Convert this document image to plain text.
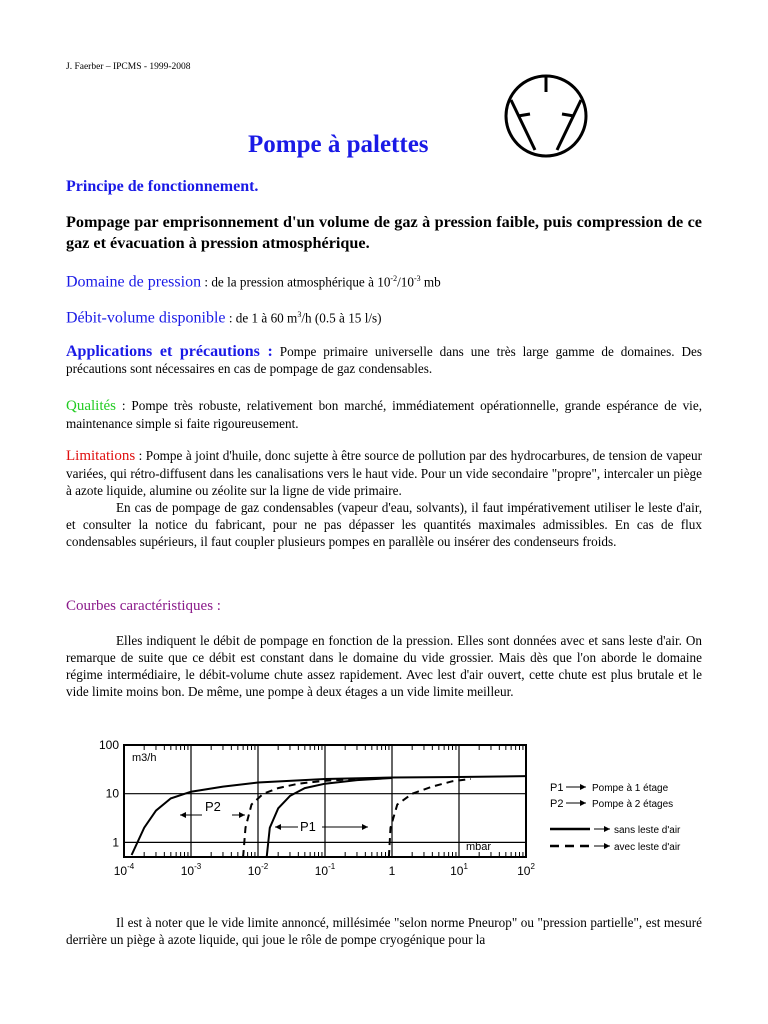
J. Faerber – IPCMS - 1999-2008
Pompe à palettes
Principe de fonctionnement.
Pompage par emprisonnement d'un volume de gaz à pression faible, puis compression de ce gaz et évacuation à pression atmosphérique.
Domaine de pression : de la pression atmosphérique à $10^{-2}/10^{-3}$ mb
Débit-volume disponible : de 1 à 60 $m^3/h$ (0.5 à 15 l/s)
Applications et précautions : Pompe primaire universelle dans une très large gamme de domaines. Des précautions sont nécessaires en cas de pompage de gaz condensables.
Qualités : Pompe très robuste, relativement bon marché, immédiatement opérationnelle, grande espérance de vie, maintenance simple si faite rigoureusement.
Limitations : Pompe à joint d'huile, donc sujette à être source de pollution par des hydrocarbures, de tension de vapeur variées, qui rétro-diffusent dans les canalisations vers le haut vide. Pour un vide secondaire "propre", intercaler un piège à azote liquide, alumine ou zéolite sur la ligne de vide primaire.
En cas de pompage de gaz condensables (vapeur d'eau, solvants), il faut impérativement utiliser le leste d'air, et consulter la notice du fabricant, pour ne pas dépasser les quantités maximales admissibles. En cas de flux condensables supérieurs, il faut coupler plusieurs pompes en parallèle ou insérer des condenseurs froids.
Courbes caractéristiques :
Elles indiquent le débit de pompage en fonction de la pression. Elles sont données avec et sans leste d'air. On remarque de suite que ce débit est constant dans le domaine du vide grossier. Mais dès que l'on aborde le domaine régime intermédiaire, le débit-volume chute assez rapidement. Avec lest d'air ouvert, cette chute est plus brutale et le vide limite moins bon. De même, une pompe à deux étages a un vide limite meilleur.
$10^{-4}$	$10^{-3}$	$10^{-2}$	$10^{-1}$	1	$10^1$	$10^2$
100
10
1
m3/h
mbar
P2
P1
P1	Pompe à 1 étage
P2	Pompe à 2 étages
sans leste d'air
avec leste d'air
Il est à noter que le vide limite annoncé, millésimée "selon norme Pneurop" ou "pression partielle", est mesuré derrière un piège à azote liquide, qui joue le rôle de pompe cryogénique pour la
